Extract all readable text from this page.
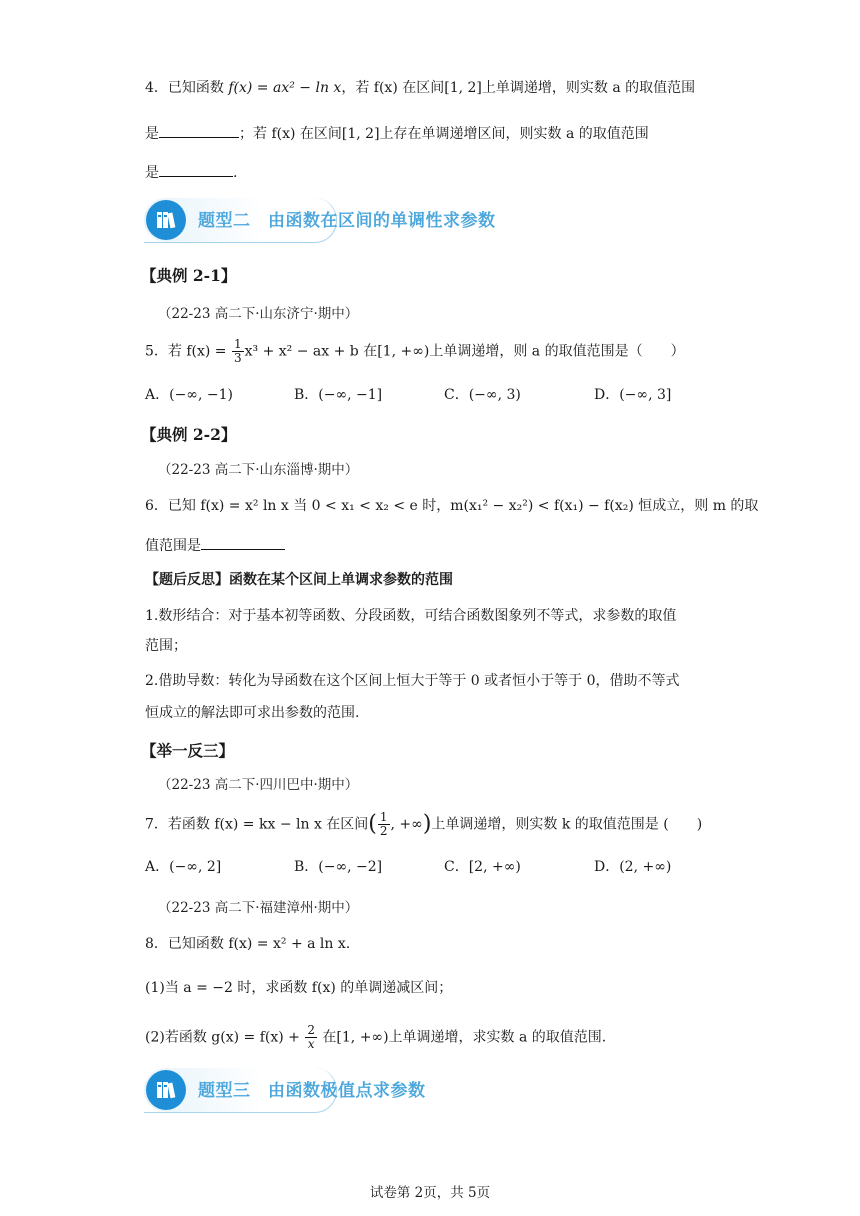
4．已知函数 f(x) = ax² − ln x，若 f(x) 在区间[1, 2]上单调递增，则实数 a 的取值范围
是	；若 f(x) 在区间[1, 2]上存在单调递增区间，则实数 a 的取值范围
是	.
题型二　由函数在区间的单调性求参数
【典例 2-1】
（22-23 高二下·山东济宁·期中）
5．若 $f(x) = \frac{1}{3} x^3 + x^2$ − ax + b 在[1, +∞)上单调递增，则 a 的取值范围是（　　）
A．(−∞, −1)	B．(−∞, −1]	C．(−∞, 3)	D．(−∞, 3]
【典例 2-2】
（22-23 高二下·山东淄博·期中）
6．已知 f(x) = x² ln x 当 0 < x₁ < x₂ < e 时，m(x₁² − x₂²) < f(x₁) − f(x₂) 恒成立，则 m 的取
值范围是
【题后反思】函数在某个区间上单调求参数的范围
1.数形结合：对于基本初等函数、分段函数，可结合函数图象列不等式，求参数的取值
范围；
2.借助导数：转化为导函数在这个区间上恒大于等于 0 或者恒小于等于 0，借助不等式
恒成立的解法即可求出参数的范围.
【举一反三】
（22-23 高二下·四川巴中·期中）
7．若函数 f(x) = kx − ln x 在区间( $\frac{1}{2}$ , +∞)上单调递增，则实数 k 的取值范围是 (　　)
A．(−∞, 2]	B．(−∞, −2]	C．[2, +∞)	D．(2, +∞)
（22-23 高二下·福建漳州·期中）
8．已知函数 f(x) = x² + a ln x.
(1)当 a = −2 时，求函数 f(x) 的单调递减区间；
(2)若函数 $g(x) = f(x) + \frac{2}{x}$ 在[1, +∞)上单调递增，求实数 a 的取值范围.
题型三　由函数极值点求参数
试卷第 2页，共 5页
